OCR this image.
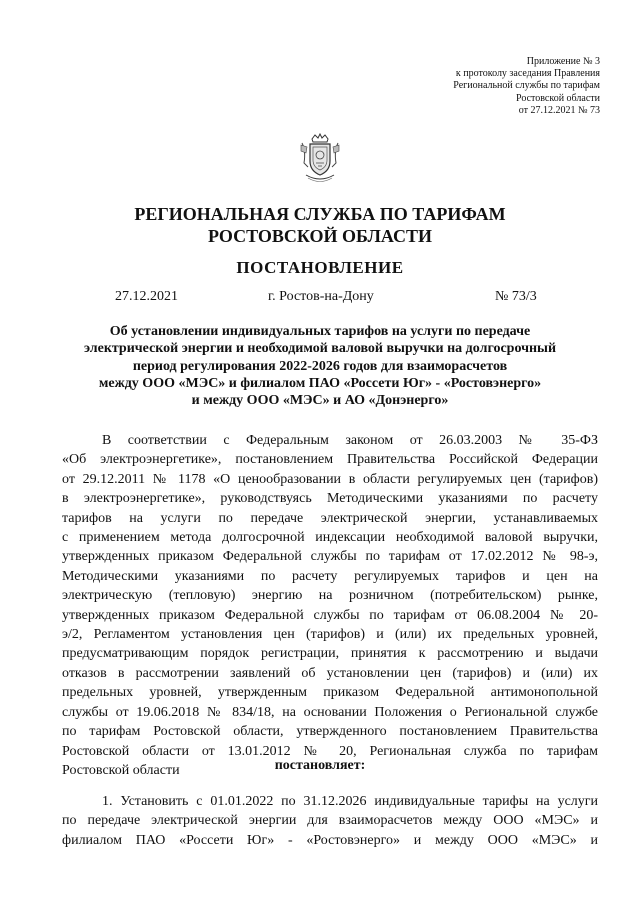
Приложение № 3
к протоколу заседания Правления
Региональной службы по тарифам
Ростовской области
от 27.12.2021 № 73
РЕГИОНАЛЬНАЯ СЛУЖБА ПО ТАРИФАМ
РОСТОВСКОЙ ОБЛАСТИ
ПОСТАНОВЛЕНИЕ
27.12.2021	г. Ростов-на-Дону	№ 73/3
Об установлении индивидуальных тарифов на услуги по передаче
электрической энергии и необходимой валовой выручки на долгосрочный
период регулирования 2022-2026 годов для взаиморасчетов
между ООО «МЭС» и филиалом ПАО «Россети Юг» - «Ростовэнерго»
и между ООО «МЭС» и АО «Донэнерго»
В соответствии с Федеральным законом от 26.03.2003 № 35-ФЗ
«Об электроэнергетике», постановлением Правительства Российской Федерации
от 29.12.2011 № 1178 «О ценообразовании в области регулируемых цен (тарифов)
в электроэнергетике», руководствуясь Методическими указаниями по расчету
тарифов на услуги по передаче электрической энергии, устанавливаемых
с применением метода долгосрочной индексации необходимой валовой выручки,
утвержденных приказом Федеральной службы по тарифам от 17.02.2012 № 98-э,
Методическими указаниями по расчету регулируемых тарифов и цен на
электрическую (тепловую) энергию на розничном (потребительском) рынке,
утвержденных приказом Федеральной службы по тарифам от 06.08.2004 № 20-
э/2, Регламентом установления цен (тарифов) и (или) их предельных уровней,
предусматривающим порядок регистрации, принятия к рассмотрению и выдачи
отказов в рассмотрении заявлений об установлении цен (тарифов) и (или) их
предельных уровней, утвержденным приказом Федеральной антимонопольной
службы от 19.06.2018 № 834/18, на основании Положения о Региональной службе
по тарифам Ростовской области, утвержденного постановлением Правительства
Ростовской области от 13.01.2012 № 20, Региональная служба по тарифам
Ростовской области	постановляет:
1. Установить с 01.01.2022 по 31.12.2026 индивидуальные тарифы на услуги
по передаче электрической энергии для взаиморасчетов между ООО «МЭС» и
филиалом ПАО «Россети Юг» - «Ростовэнерго» и между ООО «МЭС» и
